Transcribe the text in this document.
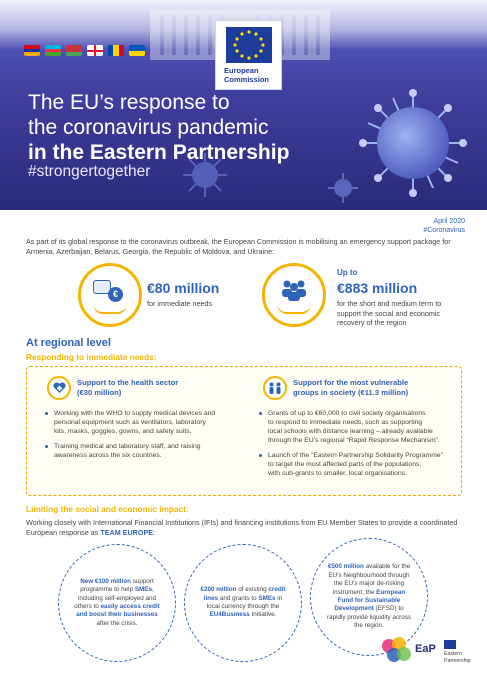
European
Commission
The EU’s response to
the coronavirus pandemic
in the Eastern Partnership
#strongertogether
April 2020
#Coronavirus
As part of its global response to the coronavirus outbreak, the European Commission is mobilising an emergency support package for Armenia, Azerbaijan, Belarus, Georgia, the Republic of Moldova, and Ukraine:
€	€80 million
for immediate needs
Up to
€883 million
for the short and medium term to
support the social and economic
recovery of the region
At regional level
Responding to immediate needs:
Support to the health sector
(€30 million)
Working with the WHO to supply medical devices and
personal equipment such as ventilators, laboratory
kits, masks, goggles, gowns, and safety suits.
Training medical and laboratory staff, and raising
awareness across the six countries.
Support for the most vulnerable
groups in society (€11.3 million)
Grants of up to €60,000 to civil society organisations
to respond to immediate needs, such as supporting
local schools with distance learning – already available
through the EU’s regional “Rapid Response Mechanism”.
Launch of the “Eastern Partnership Solidarity Programme”
to target the most affected parts of the populations,
with sub-grants to smaller, local organisations.
Limiting the social and economic impact:
Working closely with International Financial Institutions (IFIs) and financing institutions from EU Member States to provide a coordinated European response as TEAM EUROPE:

New €100 million support programme to help SMEs, including self-employed and others to easily access credit and boost their businesses after the crisis.

€200 million of existing credit lines and grants to SMEs in local currency through the EU4Business Initiative.

€500 million available for the EU’s Neighbourhood through the EU’s major de-risking instrument, the European Fund for Sustainable Development (EFSD) to rapidly provide liquidity across the region.

EaP Eastern
Partnership
